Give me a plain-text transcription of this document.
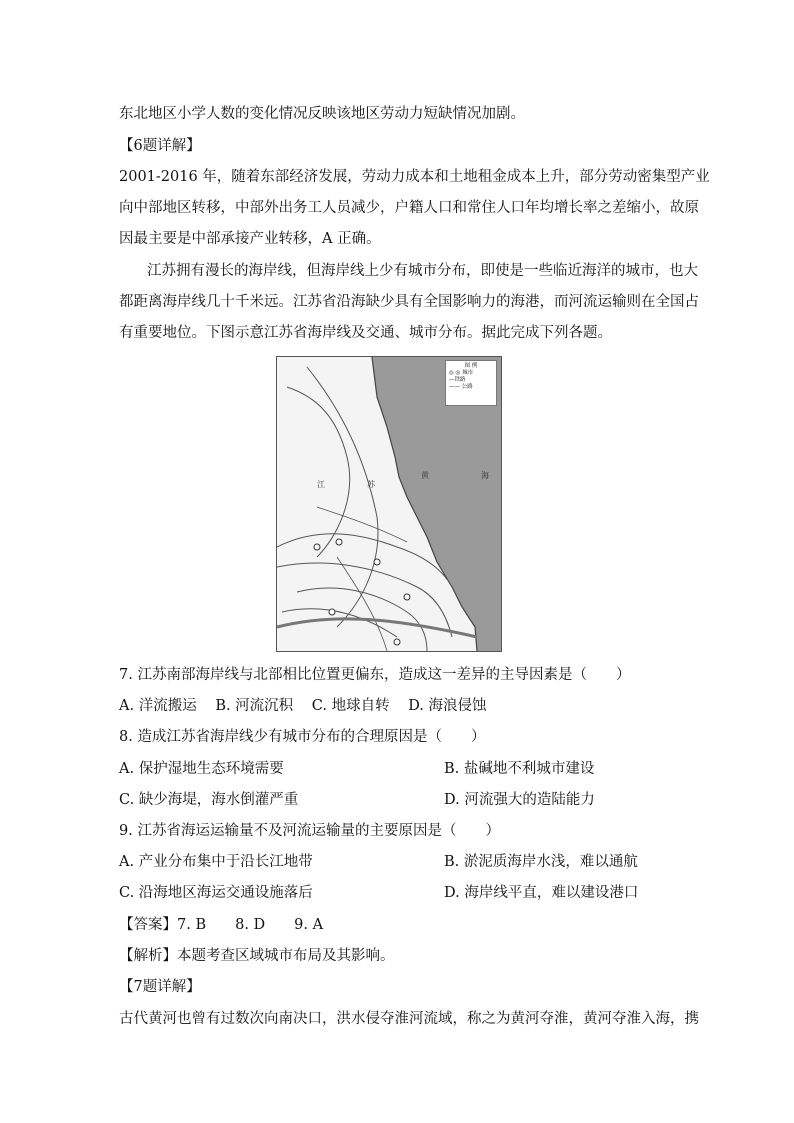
东北地区小学人数的变化情况反映该地区劳动力短缺情况加剧。
【6题详解】
2001-2016 年，随着东部经济发展，劳动力成本和土地租金成本上升，部分劳动密集型产业
向中部地区转移，中部外出务工人员减少，户籍人口和常住人口年均增长率之差缩小，故原
因最主要是中部承接产业转移，A 正确。
江苏拥有漫长的海岸线，但海岸线上少有城市分布，即使是一些临近海洋的城市，也大
都距离海岸线几十千米远。江苏省沿海缺少具有全国影响力的海港，而河流运输则在全国占
有重要地位。下图示意江苏省海岸线及交通、城市分布。据此完成下列各题。
图 例
◎ ◎ 城市
—铁路
—— 公路
江	苏
黄	海
7. 江苏南部海岸线与北部相比位置更偏东，造成这一差异的主导因素是（　　）
A. 洋流搬运 B. 河流沉积 C. 地球自转 D. 海浪侵蚀
8. 造成江苏省海岸线少有城市分布的合理原因是（　　）
A. 保护湿地生态环境需要	B. 盐碱地不利城市建设
C. 缺少海堤，海水倒灌严重	D. 河流强大的造陆能力
9. 江苏省海运运输量不及河流运输量的主要原因是（　　）
A. 产业分布集中于沿长江地带	B. 淤泥质海岸水浅，难以通航
C. 沿海地区海运交通设施落后	D. 海岸线平直，难以建设港口
【答案】7. B　　8. D　　9. A
【解析】本题考查区域城市布局及其影响。
【7题详解】
古代黄河也曾有过数次向南决口，洪水侵夺淮河流域，称之为黄河夺淮，黄河夺淮入海，携
